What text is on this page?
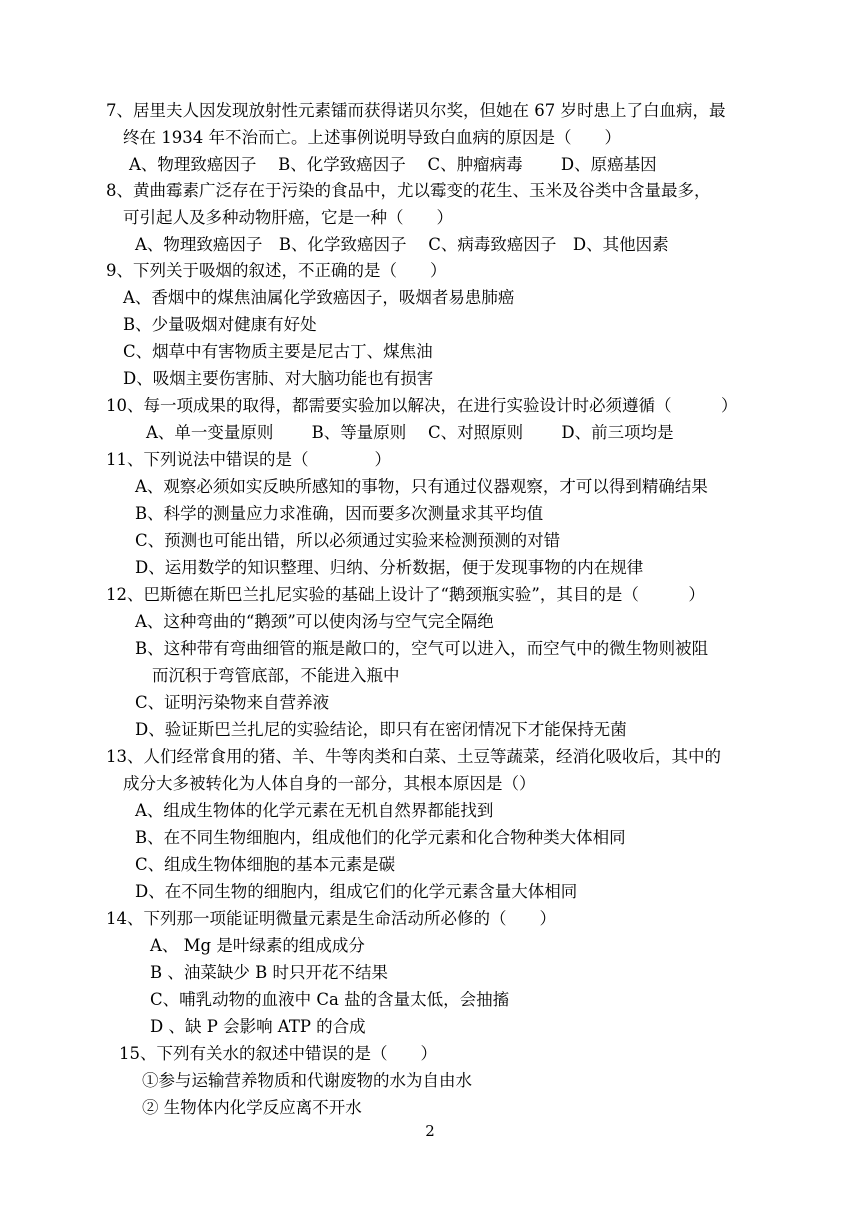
7、居里夫人因发现放射性元素镭而获得诺贝尔奖，但她在 67 岁时患上了白血病，最
终在 1934 年不治而亡。上述事例说明导致白血病的原因是（　　）
A、物理致癌因子　 B、化学致癌因子　 C、肿瘤病毒　　 D、原癌基因
8、黄曲霉素广泛存在于污染的食品中，尤以霉变的花生、玉米及谷类中含量最多，
可引起人及多种动物肝癌，它是一种（　　）
A、物理致癌因子　B、化学致癌因子　 C、病毒致癌因子　D、其他因素
9、下列关于吸烟的叙述，不正确的是（　　）
A、香烟中的煤焦油属化学致癌因子，吸烟者易患肺癌
B、少量吸烟对健康有好处
C、烟草中有害物质主要是尼古丁、煤焦油
D、吸烟主要伤害肺、对大脑功能也有损害
10、每一项成果的取得，都需要实验加以解决，在进行实验设计时必须遵循（　　　）
A、单一变量原则　　 B、等量原则　 C、对照原则　　 D、前三项均是
11、下列说法中错误的是（　　　　）
A、观察必须如实反映所感知的事物，只有通过仪器观察，才可以得到精确结果
B、科学的测量应力求准确，因而要多次测量求其平均值
C、预测也可能出错，所以必须通过实验来检测预测的对错
D、运用数学的知识整理、归纳、分析数据，便于发现事物的内在规律
12、巴斯德在斯巴兰扎尼实验的基础上设计了“鹅颈瓶实验”，其目的是（　　　）
A、这种弯曲的“鹅颈”可以使肉汤与空气完全隔绝
B、这种带有弯曲细管的瓶是敞口的，空气可以进入，而空气中的微生物则被阻
而沉积于弯管底部，不能进入瓶中
C、证明污染物来自营养液
D、验证斯巴兰扎尼的实验结论，即只有在密闭情况下才能保持无菌
13、人们经常食用的猪、羊、牛等肉类和白菜、土豆等蔬菜，经消化吸收后，其中的
成分大多被转化为人体自身的一部分，其根本原因是（）
A、组成生物体的化学元素在无机自然界都能找到
B、在不同生物细胞内，组成他们的化学元素和化合物种类大体相同
C、组成生物体细胞的基本元素是碳
D、在不同生物的细胞内，组成它们的化学元素含量大体相同
14、下列那一项能证明微量元素是生命活动所必修的（　　）
A、 Mg 是叶绿素的组成成分
B 、油菜缺少 B 时只开花不结果
C、哺乳动物的血液中 Ca 盐的含量太低，会抽搐
D 、缺 P 会影响 ATP 的合成
15、下列有关水的叙述中错误的是（　　）
①参与运输营养物质和代谢废物的水为自由水
② 生物体内化学反应离不开水
2
